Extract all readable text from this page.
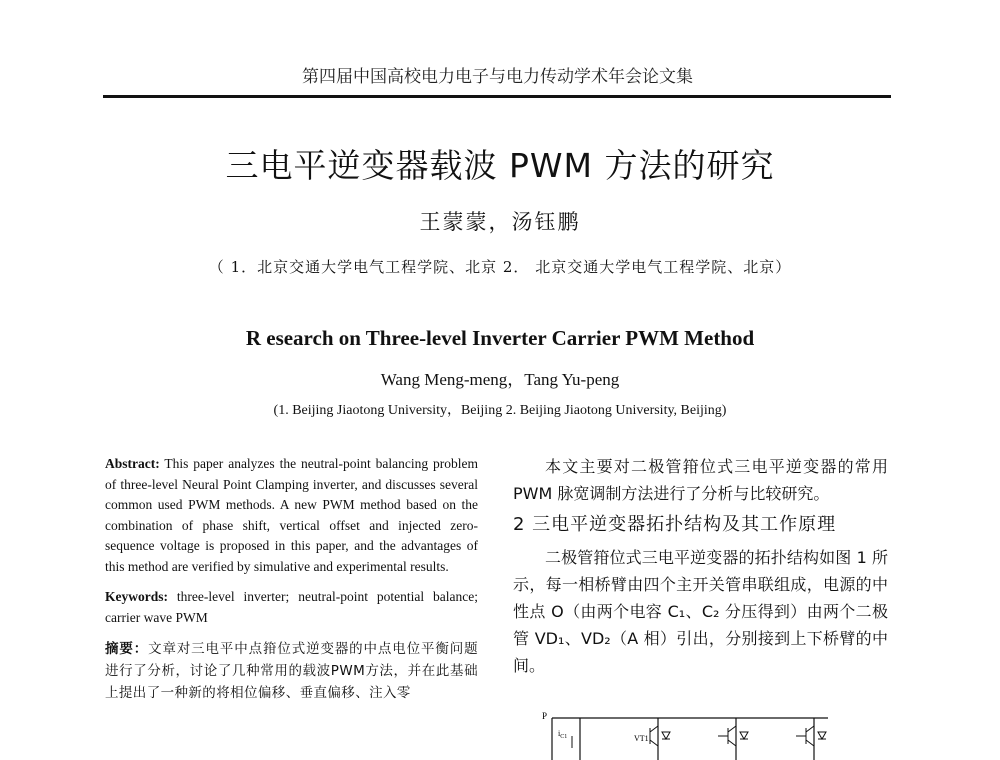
第四届中国高校电力电子与电力传动学术年会论文集
三电平逆变器载波 PWM 方法的研究
王蒙蒙，汤钰鹏
（ 1．北京交通大学电气工程学院、北京 2． 北京交通大学电气工程学院、北京）
R esearch on Three-level Inverter Carrier PWM Method
Wang Meng-meng，Tang Yu-peng
(1. Beijing Jiaotong University，Beijing 2. Beijing Jiaotong University, Beijing)

Abstract: This paper analyzes the neutral-point balancing problem of three-level Neural Point Clamping inverter, and discusses several common used PWM methods. A new PWM method based on the combination of phase shift, vertical offset and injected zero-sequence voltage is proposed in this paper, and the advantages of this method are verified by simulative and experimental results.

Keywords: three-level inverter; neutral-point potential balance; carrier wave PWM

摘要：文章对三电平中点箝位式逆变器的中点电位平衡问题进行了分析，讨论了几种常用的载波PWM方法，并在此基础上提出了一种新的将相位偏移、垂直偏移、注入零

本文主要对二极管箝位式三电平逆变器的常用 PWM 脉宽调制方法进行了分析与比较研究。

2 三电平逆变器拓扑结构及其工作原理

二极管箝位式三电平逆变器的拓扑结构如图 1 所示，每一相桥臂由四个主开关管串联组成，电源的中性点 O（由两个电容 C₁、C₂ 分压得到）由两个二极管 VD₁、VD₂（A 相）引出，分别接到上下桥臂的中间。

P
$i_{C1}$	VT1
